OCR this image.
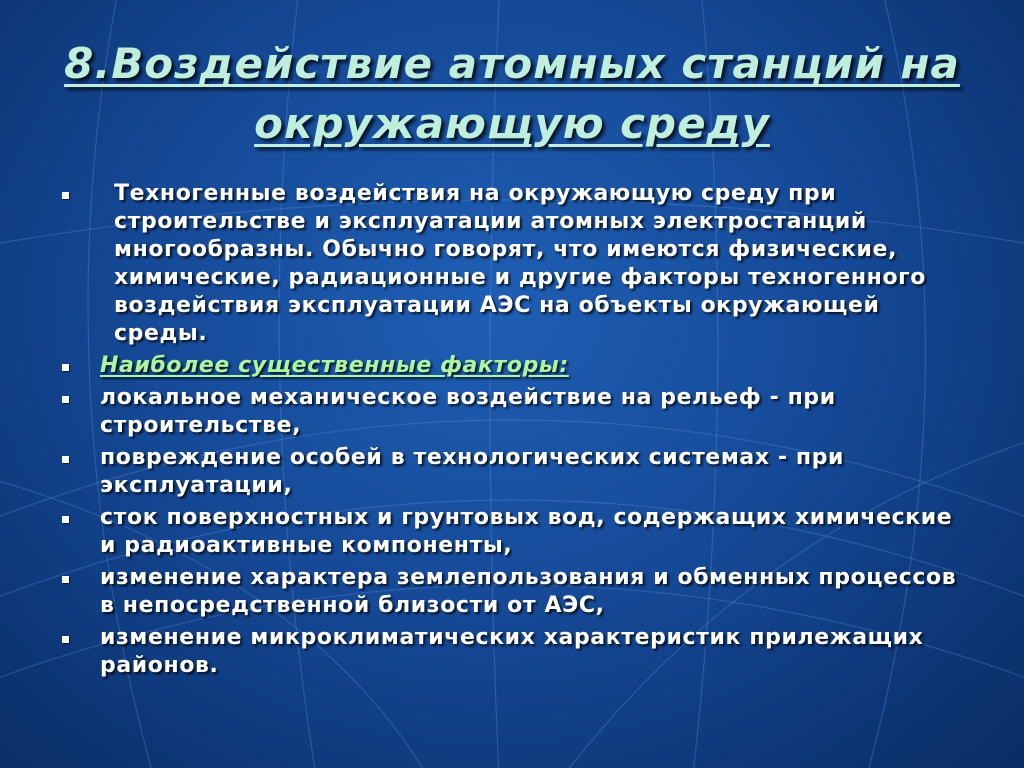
8.Воздействие атомных станций на
окружающую среду
Техногенные воздействия на окружающую среду при строительстве и эксплуатации атомных электростанций многообразны. Обычно говорят, что имеются физические, химические, радиационные и другие факторы техногенного воздействия эксплуатации АЭС на объекты окружающей среды.
Наиболее существенные факторы:
локальное механическое воздействие на рельеф - при строительстве,
повреждение особей в технологических системах - при эксплуатации,
сток поверхностных и грунтовых вод, содержащих химические и радиоактивные компоненты,
изменение характера землепользования и обменных процессов в непосредственной близости от АЭС,
изменение микроклиматических характеристик прилежащих районов.
